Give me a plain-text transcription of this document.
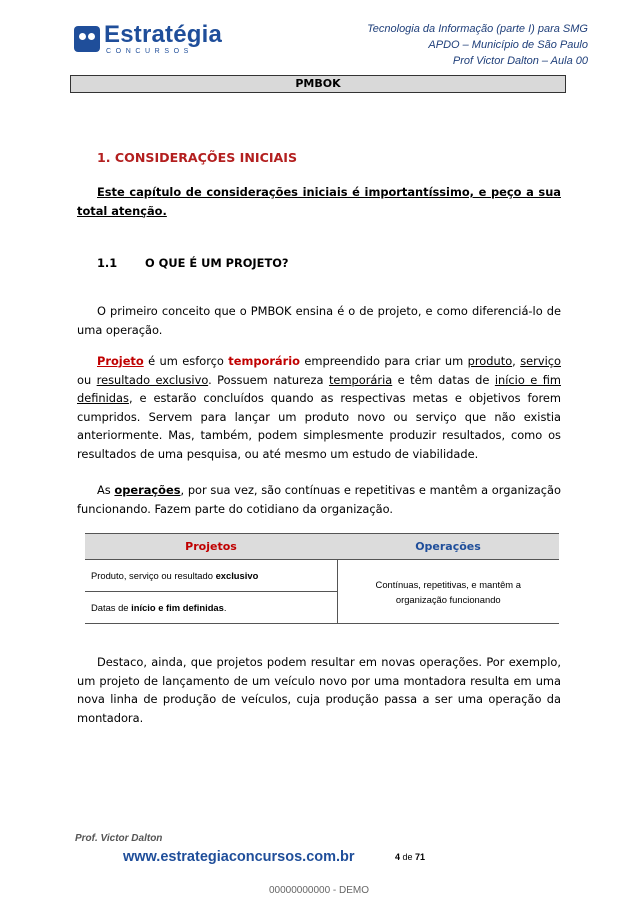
Estratégia
CONCURSOS
Tecnologia da Informação (parte I) para SMG
APDO – Município de São Paulo
Prof Victor Dalton – Aula 00
PMBOK
1. CONSIDERAÇÕES INICIAIS
Este capítulo de considerações iniciais é importantíssimo, e peço a sua total atenção.
1.1 O QUE É UM PROJETO?
O primeiro conceito que o PMBOK ensina é o de projeto, e como diferenciá-lo de uma operação.
Projeto é um esforço temporário empreendido para criar um produto, serviço ou resultado exclusivo. Possuem natureza temporária e têm datas de início e fim definidas, e estarão concluídos quando as respectivas metas e objetivos forem cumpridos. Servem para lançar um produto novo ou serviço que não existia anteriormente. Mas, também, podem simplesmente produzir resultados, como os resultados de uma pesquisa, ou até mesmo um estudo de viabilidade.
As operações, por sua vez, são contínuas e repetitivas e mantêm a organização funcionando. Fazem parte do cotidiano da organização.
Projetos	Operações
Produto, serviço ou resultado exclusivo	Contínuas, repetitivas, e mantêm a organização funcionando
Datas de início e fim definidas.	
Destaco, ainda, que projetos podem resultar em novas operações. Por exemplo, um projeto de lançamento de um veículo novo por uma montadora resulta em uma nova linha de produção de veículos, cuja produção passa a ser uma operação da montadora.
Prof. Victor Dalton
www.estrategiaconcursos.com.br	4 de 71
00000000000 - DEMO
